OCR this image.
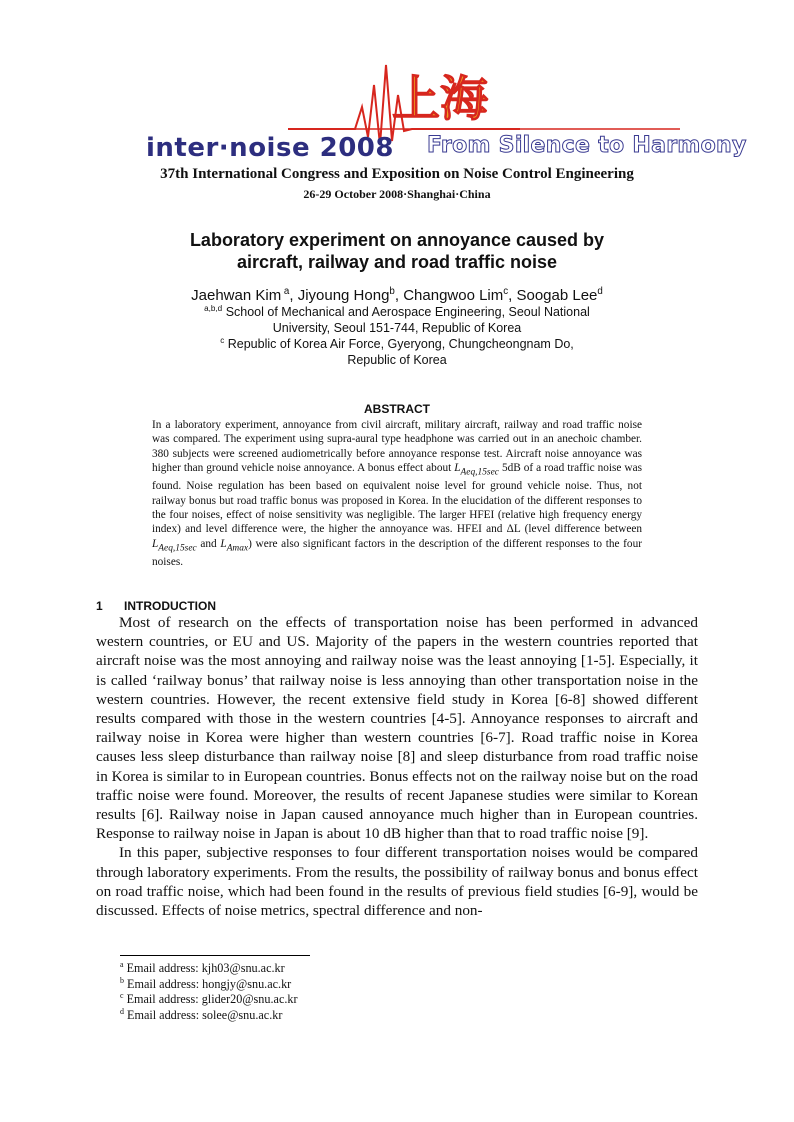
上海
inter·noise 2008 From Silence to Harmony
37th International Congress and Exposition on Noise Control Engineering
26-29 October 2008·Shanghai·China
Laboratory experiment on annoyance caused by
aircraft, railway and road traffic noise
Jaehwan Kim $^a$, Jiyoung Hong$^b$, Changwoo Lim$^c$, Soogab Lee$^d$
$^{a,b,d}$ School of Mechanical and Aerospace Engineering, Seoul National
University, Seoul 151-744, Republic of Korea
$^c$ Republic of Korea Air Force, Gyeryong, Chungcheongnam Do,
Republic of Korea
ABSTRACT
In a laboratory experiment, annoyance from civil aircraft, military aircraft, railway and road traffic noise was compared. The experiment using supra-aural type headphone was carried out in an anechoic chamber. 380 subjects were screened audiometrically before annoyance response test. Aircraft noise annoyance was higher than ground vehicle noise annoyance. A bonus effect about $L_{Aeq,15sec}$ 5dB of a road traffic noise was found. Noise regulation has been based on equivalent noise level for ground vehicle noise. Thus, not railway bonus but road traffic bonus was proposed in Korea. In the elucidation of the different responses to the four noises, effect of noise sensitivity was negligible. The larger HFEI (relative high frequency energy index) and level difference were, the higher the annoyance was. HFEI and ΔL (level difference between $L_{Aeq,15sec}$ and $L_{Amax}$) were also significant factors in the description of the different responses to the four noises.
1 INTRODUCTION

Most of research on the effects of transportation noise has been performed in advanced western countries, or EU and US. Majority of the papers in the western countries reported that aircraft noise was the most annoying and railway noise was the least annoying [1-5]. Especially, it is called ‘railway bonus’ that railway noise is less annoying than other transportation noise in the western countries. However, the recent extensive field study in Korea [6-8] showed different results compared with those in the western countries [4-5]. Annoyance responses to aircraft and railway noise in Korea were higher than western countries [6-7]. Road traffic noise in Korea causes less sleep disturbance than railway noise [8] and sleep disturbance from road traffic noise in Korea is similar to in European countries. Bonus effects not on the railway noise but on the road traffic noise were found. Moreover, the results of recent Japanese studies were similar to Korean results [6]. Railway noise in Japan caused annoyance much higher than in European countries. Response to railway noise in Japan is about 10 dB higher than that to road traffic noise [9].

In this paper, subjective responses to four different transportation noises would be compared through laboratory experiments. From the results, the possibility of railway bonus and bonus effect on road traffic noise, which had been found in the results of previous field studies [6-9], would be discussed. Effects of noise metrics, spectral difference and non-

$^a$ Email address: kjh03@snu.ac.kr
$^b$ Email address: hongjy@snu.ac.kr
$^c$ Email address: glider20@snu.ac.kr
$^d$ Email address: solee@snu.ac.kr
